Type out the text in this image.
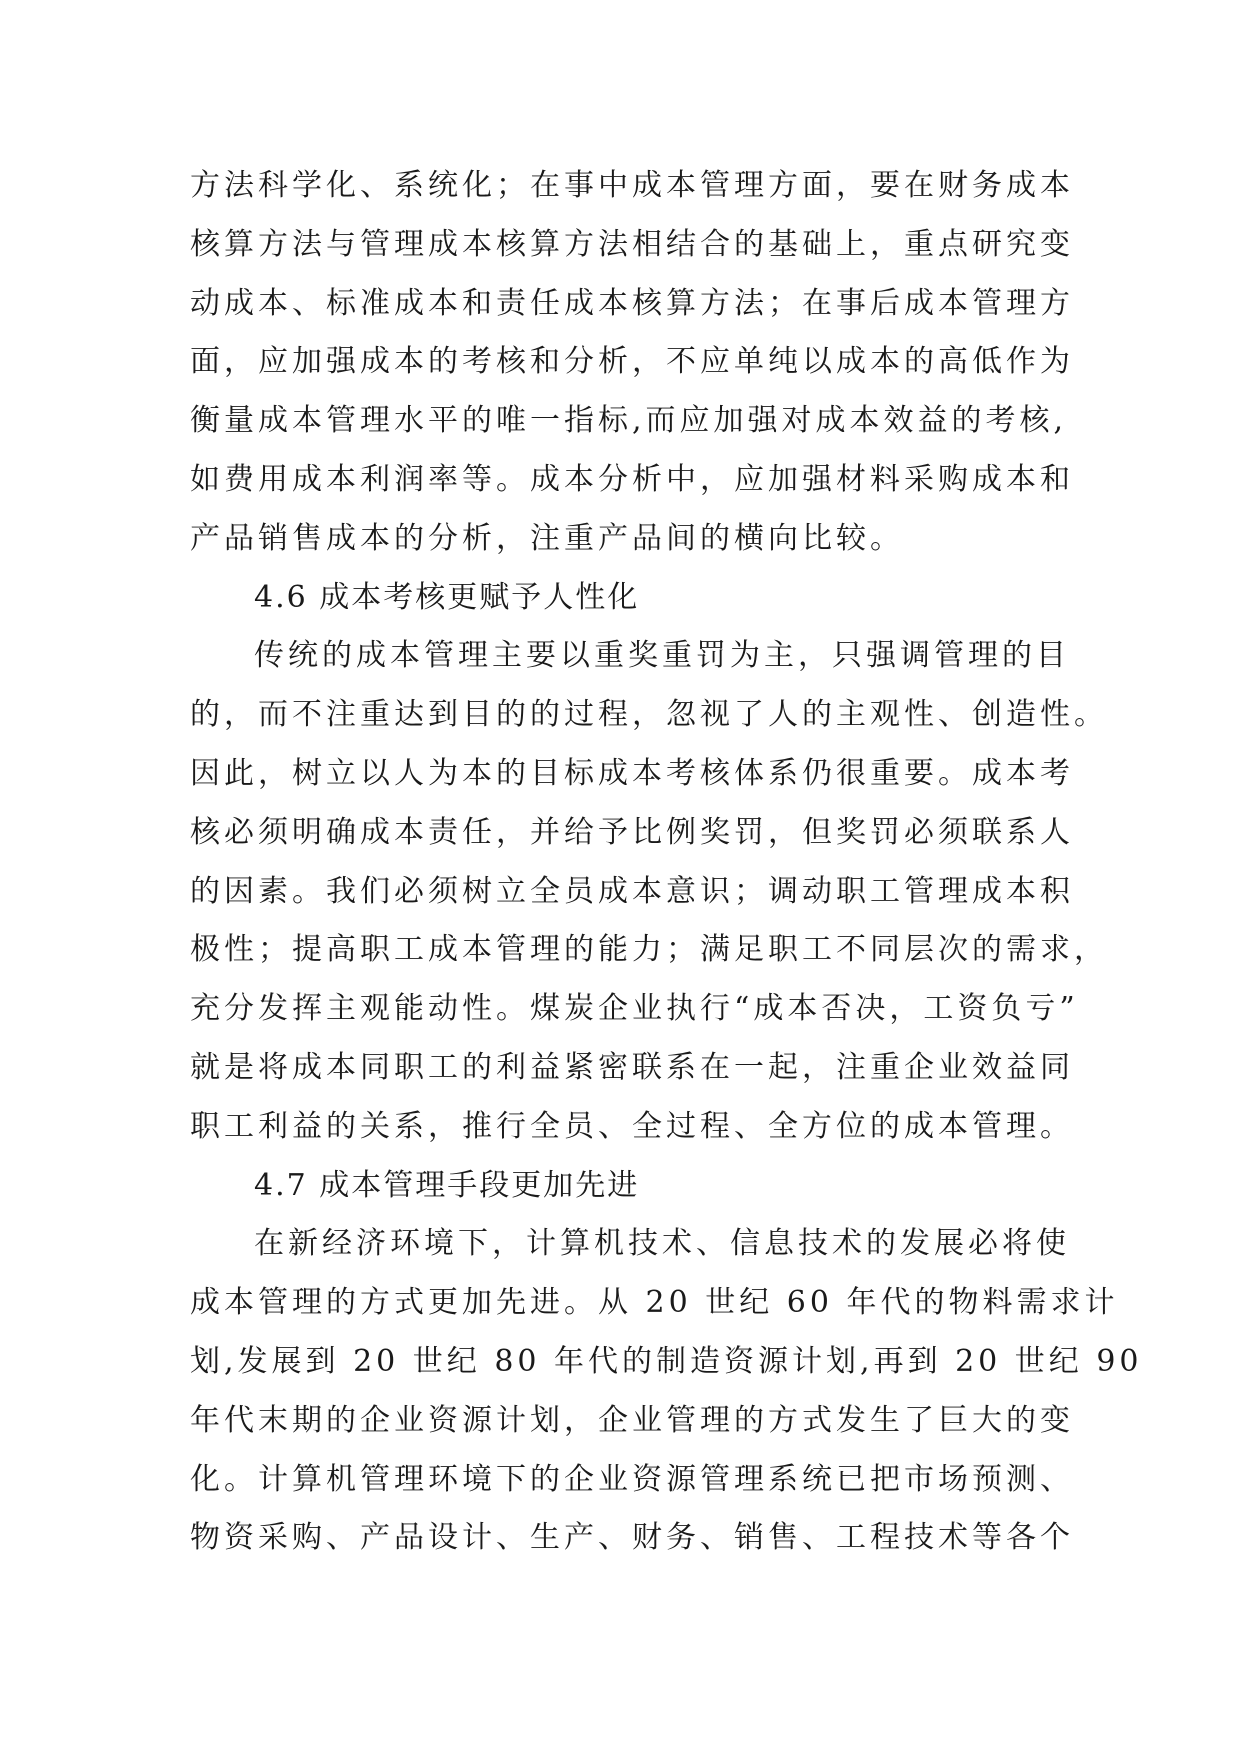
方法科学化、系统化；在事中成本管理方面，要在财务成本
核算方法与管理成本核算方法相结合的基础上，重点研究变
动成本、标准成本和责任成本核算方法；在事后成本管理方
面，应加强成本的考核和分析，不应单纯以成本的高低作为
衡量成本管理水平的唯一指标,而应加强对成本效益的考核,
如费用成本利润率等。成本分析中，应加强材料采购成本和
产品销售成本的分析，注重产品间的横向比较。
4.6 成本考核更赋予人性化
传统的成本管理主要以重奖重罚为主，只强调管理的目
的，而不注重达到目的的过程，忽视了人的主观性、创造性。
因此，树立以人为本的目标成本考核体系仍很重要。成本考
核必须明确成本责任，并给予比例奖罚，但奖罚必须联系人
的因素。我们必须树立全员成本意识；调动职工管理成本积
极性；提高职工成本管理的能力；满足职工不同层次的需求，
充分发挥主观能动性。煤炭企业执行“成本否决，工资负亏”
就是将成本同职工的利益紧密联系在一起，注重企业效益同
职工利益的关系，推行全员、全过程、全方位的成本管理。
4.7 成本管理手段更加先进
在新经济环境下，计算机技术、信息技术的发展必将使
成本管理的方式更加先进。从 20 世纪 60 年代的物料需求计
划,发展到 20 世纪 80 年代的制造资源计划,再到 20 世纪 90
年代末期的企业资源计划，企业管理的方式发生了巨大的变
化。计算机管理环境下的企业资源管理系统已把市场预测、
物资采购、产品设计、生产、财务、销售、工程技术等各个
